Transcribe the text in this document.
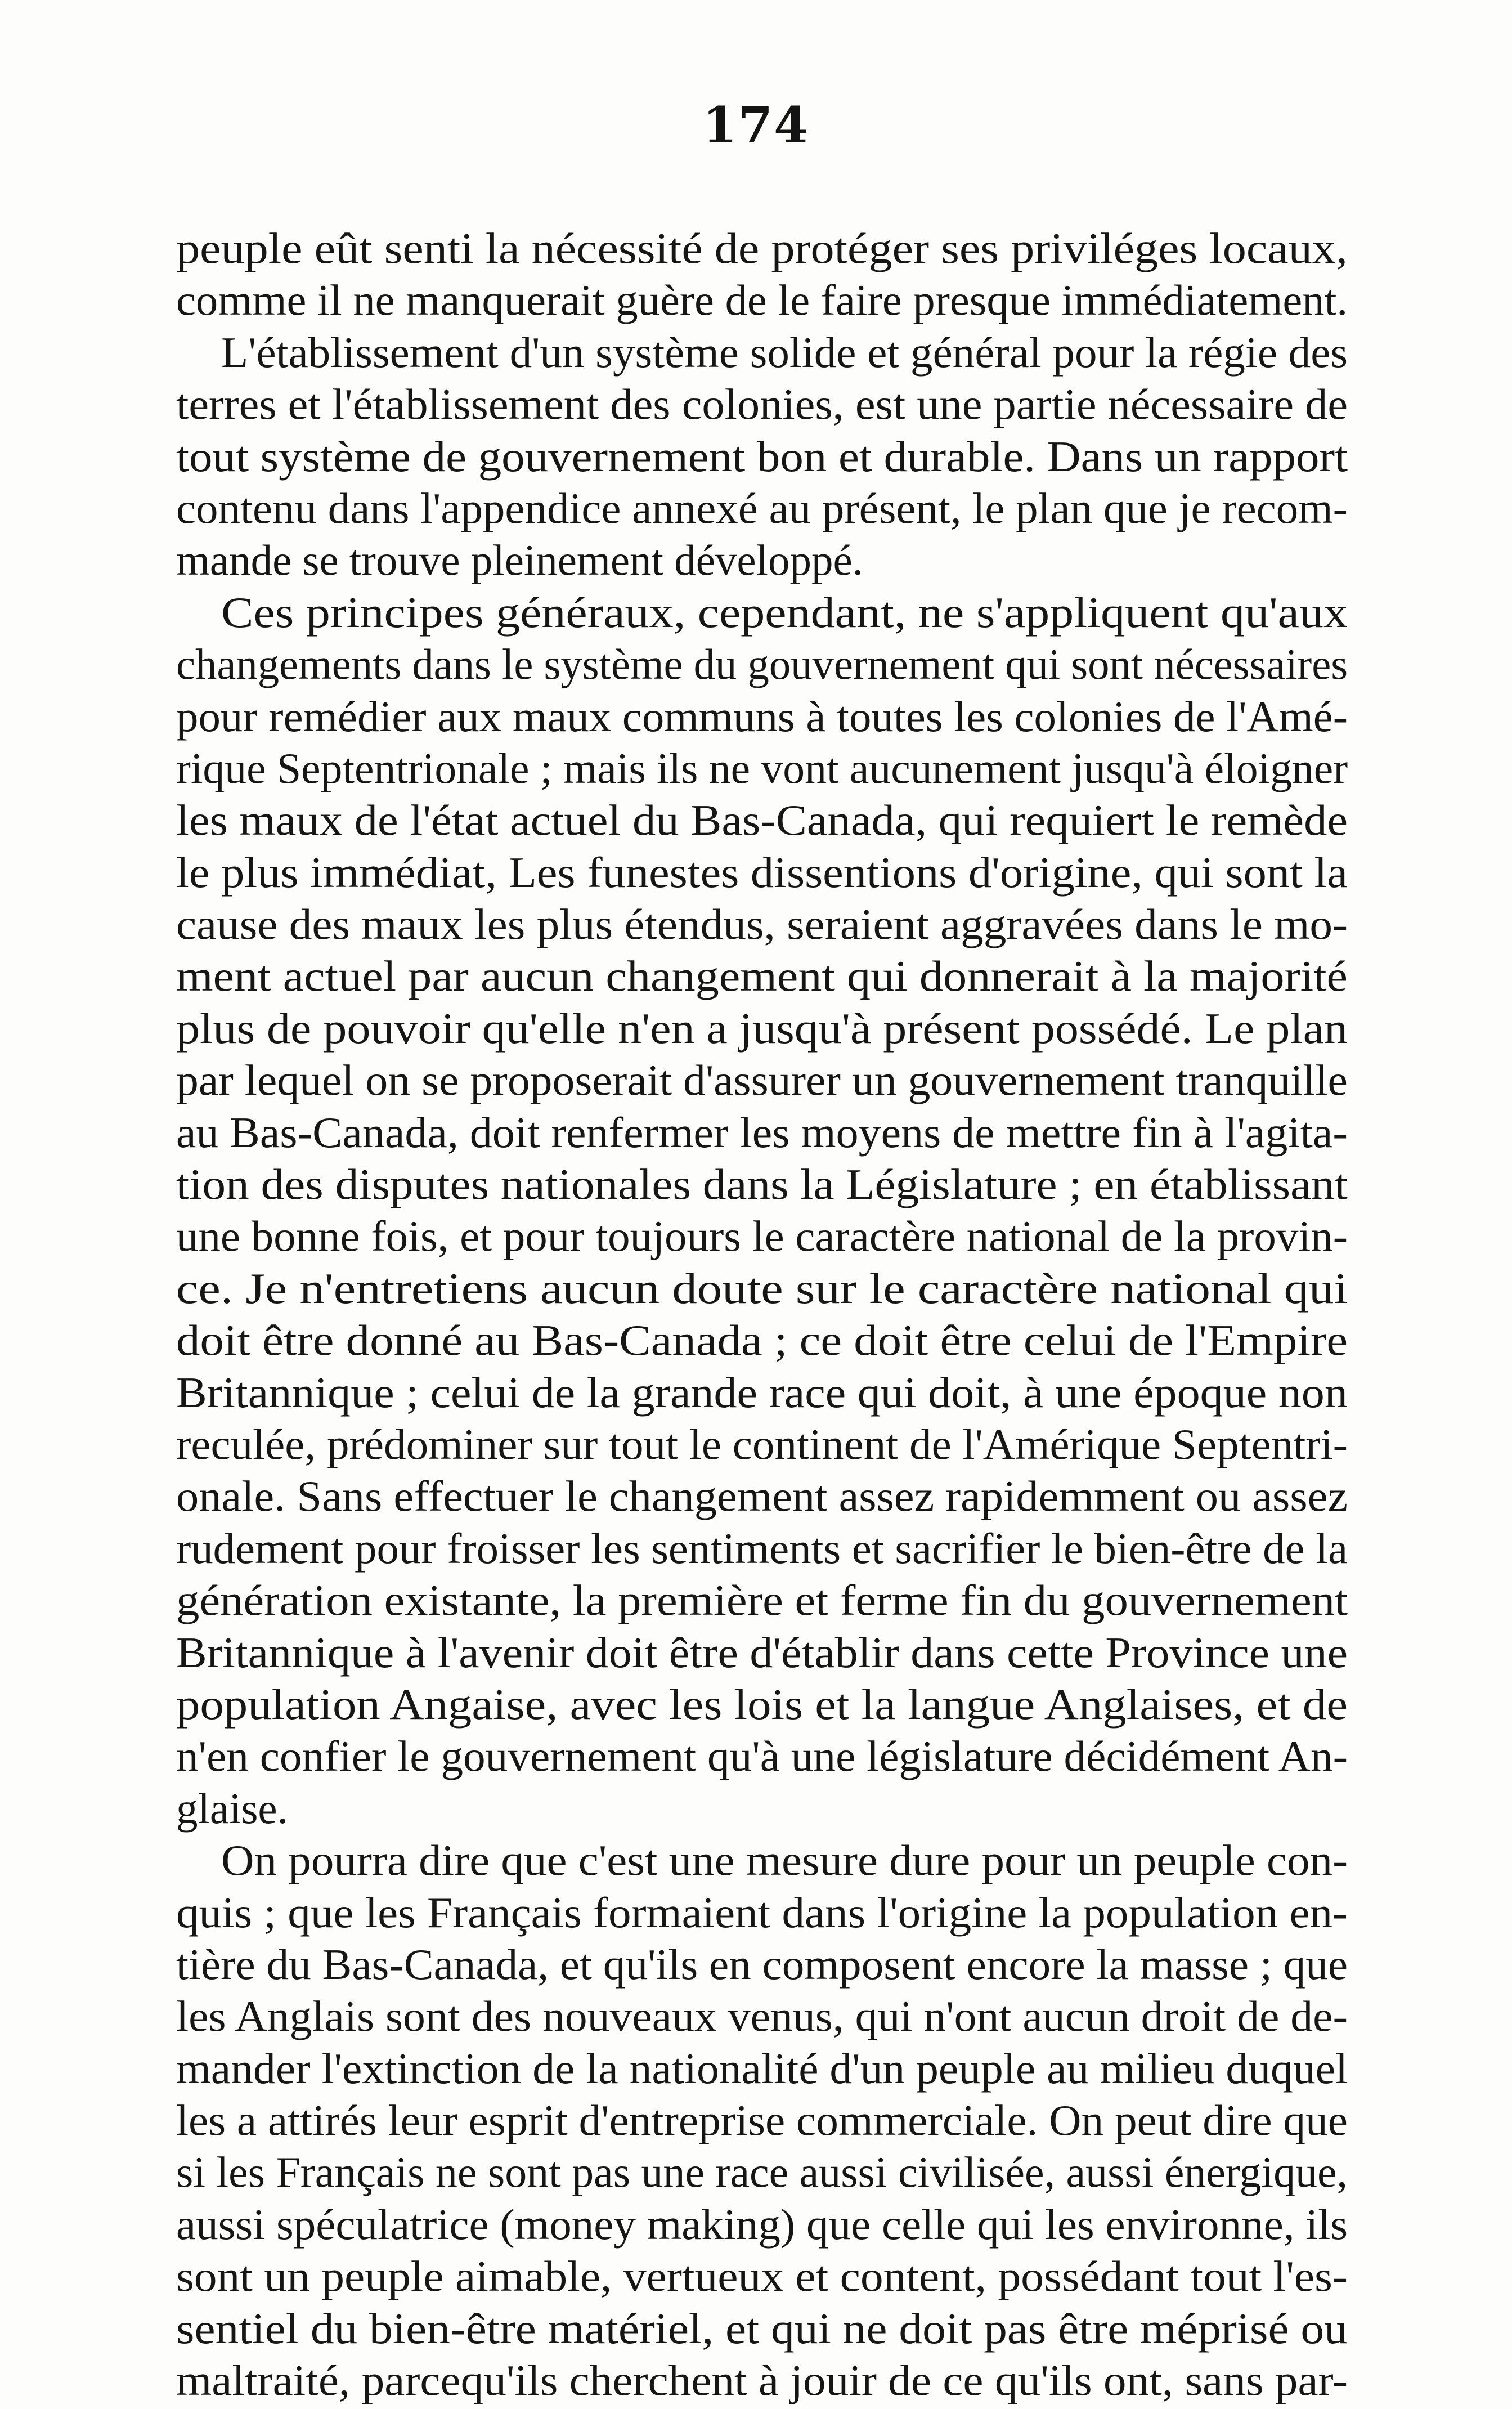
174
peuple eût senti la nécessité de protéger ses priviléges locaux,
comme il ne manquerait guère de le faire presque immédiatement.
L'établissement d'un système solide et général pour la régie des
terres et l'établissement des colonies, est une partie nécessaire de
tout système de gouvernement bon et durable. Dans un rapport
contenu dans l'appendice annexé au présent, le plan que je recom-
mande se trouve pleinement développé.
Ces principes généraux, cependant, ne s'appliquent qu'aux
changements dans le système du gouvernement qui sont nécessaires
pour remédier aux maux communs à toutes les colonies de l'Amé-
rique Septentrionale ; mais ils ne vont aucunement jusqu'à éloigner
les maux de l'état actuel du Bas-Canada, qui requiert le remède
le plus immédiat, Les funestes dissentions d'origine, qui sont la
cause des maux les plus étendus, seraient aggravées dans le mo-
ment actuel par aucun changement qui donnerait à la majorité
plus de pouvoir qu'elle n'en a jusqu'à présent possédé. Le plan
par lequel on se proposerait d'assurer un gouvernement tranquille
au Bas-Canada, doit renfermer les moyens de mettre fin à l'agita-
tion des disputes nationales dans la Législature ; en établissant
une bonne fois, et pour toujours le caractère national de la provin-
ce. Je n'entretiens aucun doute sur le caractère national qui
doit être donné au Bas-Canada ; ce doit être celui de l'Empire
Britannique ; celui de la grande race qui doit, à une époque non
reculée, prédominer sur tout le continent de l'Amérique Septentri-
onale. Sans effectuer le changement assez rapidemment ou assez
rudement pour froisser les sentiments et sacrifier le bien-être de la
génération existante, la première et ferme fin du gouvernement
Britannique à l'avenir doit être d'établir dans cette Province une
population Angaise, avec les lois et la langue Anglaises, et de
n'en confier le gouvernement qu'à une législature décidément An-
glaise.
On pourra dire que c'est une mesure dure pour un peuple con-
quis ; que les Français formaient dans l'origine la population en-
tière du Bas-Canada, et qu'ils en composent encore la masse ; que
les Anglais sont des nouveaux venus, qui n'ont aucun droit de de-
mander l'extinction de la nationalité d'un peuple au milieu duquel
les a attirés leur esprit d'entreprise commerciale. On peut dire que
si les Français ne sont pas une race aussi civilisée, aussi énergique,
aussi spéculatrice (money making) que celle qui les environne, ils
sont un peuple aimable, vertueux et content, possédant tout l'es-
sentiel du bien-être matériel, et qui ne doit pas être méprisé ou
maltraité, parcequ'ils cherchent à jouir de ce qu'ils ont, sans par-
